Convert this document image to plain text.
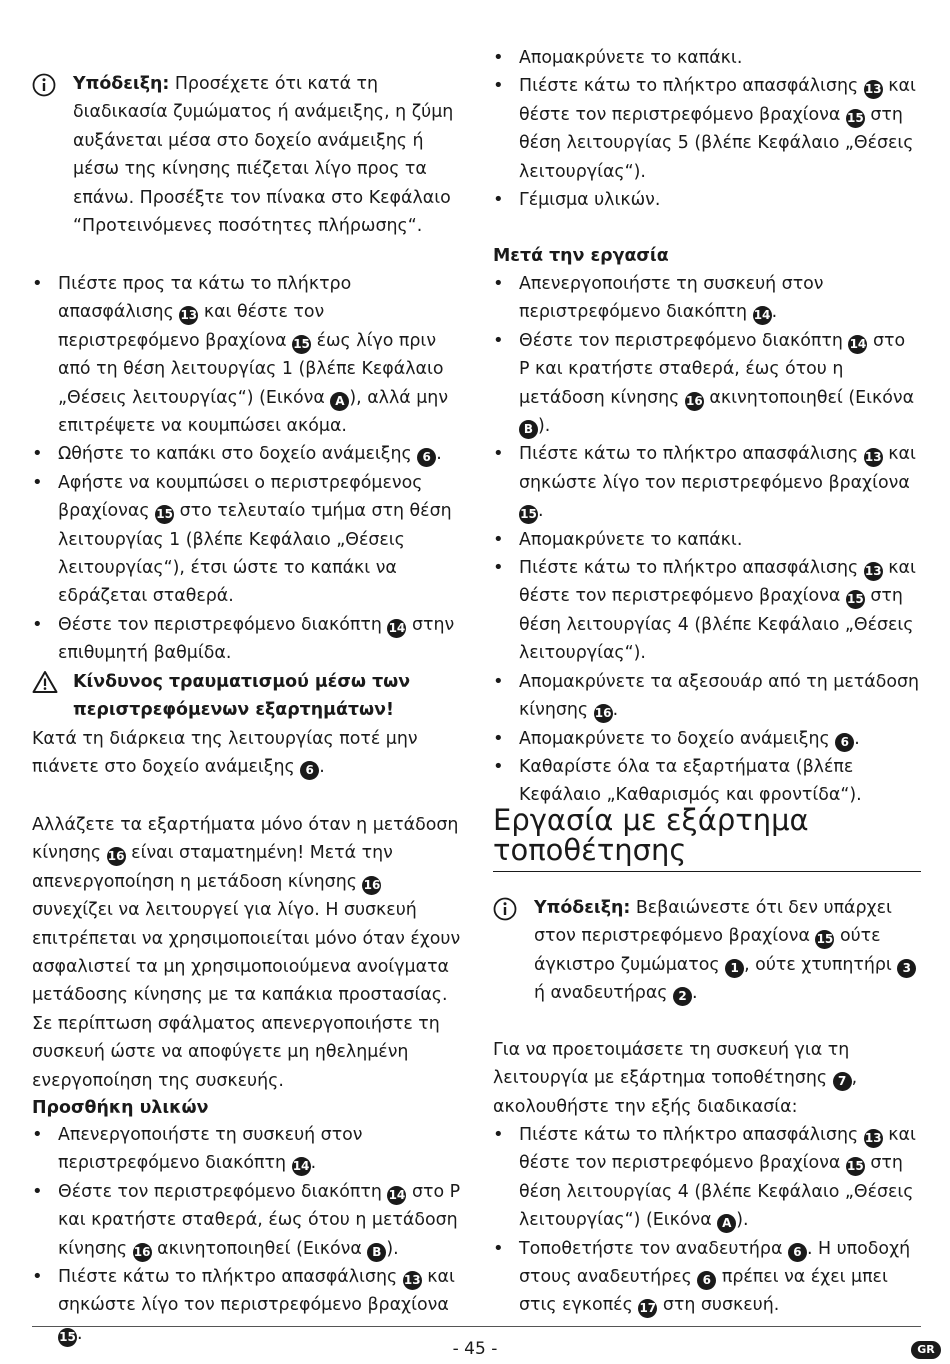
Υπόδειξη: Προσέχετε ότι κατά τη διαδικασία ζυμώματος ή ανάμειξης, η ζύμη αυξάνεται μέσα στο δοχείο ανάμειξης ή μέσω της κίνησης πιέζεται λίγο προς τα επάνω. Προσέξτε τον πίνακα στο Κεφάλαιο “Προτεινόμενες ποσότητες πλήρωσης“.
• Πιέστε προς τα κάτω το πλήκτρο απασφάλισης 13 και θέστε τον περιστρεφόμενο βραχίονα 15 έως λίγο πριν από τη θέση λειτουργίας 1 (βλέπε Κεφάλαιο „Θέσεις λειτουργίας“) (Εικόνα A ), αλλά μην επιτρέψετε να κουμπώσει ακόμα.
• Ωθήστε το καπάκι στο δοχείο ανάμειξης 6 .
• Αφήστε να κουμπώσει ο περιστρεφόμενος βραχίονας 15 στο τελευταίο τμήμα στη θέση λειτουργίας 1 (βλέπε Κεφάλαιο „Θέσεις λειτουργίας“), έτσι ώστε το καπάκι να εδράζεται σταθερά.
• Θέστε τον περιστρεφόμενο διακόπτη 14 στην επιθυμητή βαθμίδα.
Κίνδυνος τραυματισμού μέσω των περιστρεφόμενων εξαρτημάτων!

Κατά τη διάρκεια της λειτουργίας ποτέ μην πιάνετε στο δοχείο ανάμειξης 6 .

Αλλάζετε τα εξαρτήματα μόνο όταν η μετάδοση κίνησης 16 είναι σταματημένη! Μετά την απενεργοποίηση η μετάδοση κίνησης 16 συνεχίζει να λειτουργεί για λίγο. Η συσκευή επιτρέπεται να χρησιμοποιείται μόνο όταν έχουν ασφαλιστεί τα μη χρησιμοποιούμενα ανοίγματα μετάδοσης κίνησης με τα καπάκια προστασίας. Σε περίπτωση σφάλματος απενεργοποιήστε τη συσκευή ώστε να αποφύγετε μη ηθελημένη ενεργοποίηση της συσκευής.

Προσθήκη υλικών
• Απενεργοποιήστε τη συσκευή στον περιστρεφόμενο διακόπτη 14.
• Θέστε τον περιστρεφόμενο διακόπτη 14 στο P και κρατήστε σταθερά, έως ότου η μετάδοση κίνησης 16 ακινητοποιηθεί (Εικόνα B ).
• Πιέστε κάτω το πλήκτρο απασφάλισης 13 και σηκώστε λίγο τον περιστρεφόμενο βραχίονα 15.
• Απομακρύνετε το καπάκι.
• Πιέστε κάτω το πλήκτρο απασφάλισης 13 και θέστε τον περιστρεφόμενο βραχίονα 15 στη θέση λειτουργίας 5 (βλέπε Κεφάλαιο „Θέσεις λειτουργίας“).
• Γέμισμα υλικών.
Μετά την εργασία
• Απενεργοποιήστε τη συσκευή στον περιστρεφόμενο διακόπτη 14.
• Θέστε τον περιστρεφόμενο διακόπτη 14 στο P και κρατήστε σταθερά, έως ότου η μετάδοση κίνησης 16 ακινητοποιηθεί (Εικόνα B ).
• Πιέστε κάτω το πλήκτρο απασφάλισης 13 και σηκώστε λίγο τον περιστρεφόμενο βραχίονα 15.
• Απομακρύνετε το καπάκι.
• Πιέστε κάτω το πλήκτρο απασφάλισης 13 και θέστε τον περιστρεφόμενο βραχίονα 15 στη θέση λειτουργίας 4 (βλέπε Κεφάλαιο „Θέσεις λειτουργίας“).
• Απομακρύνετε τα αξεσουάρ από τη μετάδοση κίνησης 16.
• Απομακρύνετε το δοχείο ανάμειξης 6 .
• Καθαρίστε όλα τα εξαρτήματα (βλέπε Κεφάλαιο „Καθαρισμός και φροντίδα“).
Εργασία με εξάρτημα
τοποθέτησης
Υπόδειξη: Βεβαιώνεστε ότι δεν υπάρχει στον περιστρεφόμενο βραχίονα 15 ούτε άγκιστρο ζυμώματος 1 , ούτε χτυπητήρι 3 ή αναδευτήρας 2 .

Για να προετοιμάσετε τη συσκευή για τη λειτουργία με εξάρτημα τοποθέτησης 7 , ακολουθήστε την εξής διαδικασία:

• Πιέστε κάτω το πλήκτρο απασφάλισης 13 και θέστε τον περιστρεφόμενο βραχίονα 15 στη θέση λειτουργίας 4 (βλέπε Κεφάλαιο „Θέσεις λειτουργίας“) (Εικόνα A ).
• Τοποθετήστε τον αναδευτήρα 6 . Η υποδοχή στους αναδευτήρες 6 πρέπει να έχει μπει στις εγκοπές 17 στη συσκευή.
- 45 -	GR
